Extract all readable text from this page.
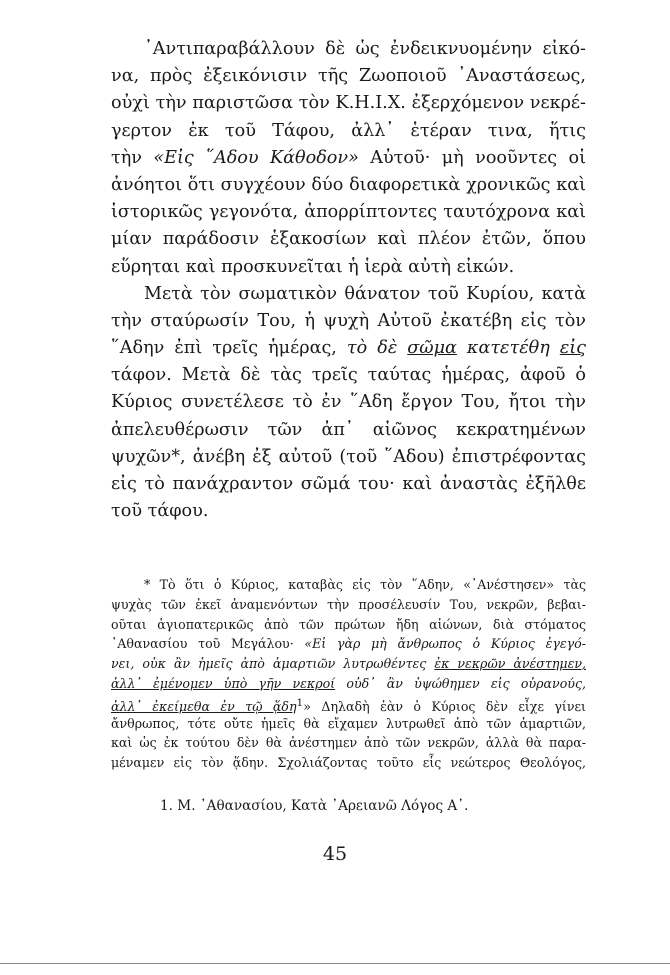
᾽Αντιπαραβάλλουν δὲ ὡς ἐνδεικνυομένην εἰκό-
να, πρὸς ἐξεικόνισιν τῆς Ζωοποιοῦ ᾽Αναστάσεως,
οὐχὶ τὴν παριστῶσα τὸν Κ.Η.Ι.Χ. ἐξερχόμενον νεκρέ-
γερτον ἐκ τοῦ Τάφου, ἀλλ᾽ ἑτέραν τινα, ἥτις
τὴν «Εἰς ῞Αδου Κάθοδον» Αὐτοῦ· μὴ νοοῦντες οἱ
ἀνόητοι ὅτι συγχέουν δύο διαφορετικὰ χρονικῶς καὶ
ἱστορικῶς γεγονότα, ἀπορρίπτοντες ταυτόχρονα καὶ
μίαν παράδοσιν ἑξακοσίων καὶ πλέον ἐτῶν, ὅπου
εὕρηται καὶ προσκυνεῖται ἡ ἱερὰ αὐτὴ εἰκών.
Μετὰ τὸν σωματικὸν θάνατον τοῦ Κυρίου, κατὰ
τὴν σταύρωσίν Του, ἡ ψυχὴ Αὐτοῦ ἐκατέβη εἰς τὸν
῞Αδην ἐπὶ τρεῖς ἡμέρας, τὸ δὲ σῶμα κατετέθη εἰς
τάφον. Μετὰ δὲ τὰς τρεῖς ταύτας ἡμέρας, ἀφοῦ ὁ
Κύριος συνετέλεσε τὸ ἐν ῞Αδη ἔργον Του, ἤτοι τὴν
ἀπελευθέρωσιν τῶν ἀπ᾽ αἰῶνος κεκρατημένων
ψυχῶν*, ἀνέβη ἐξ αὐτοῦ (τοῦ ῞Αδου) ἐπιστρέφοντας
εἰς τὸ πανάχραντον σῶμά του· καὶ ἀναστὰς ἐξῆλθε
τοῦ τάφου.
* Τὸ ὅτι ὁ Κύριος, καταβὰς εἰς τὸν ῞Αδην, «᾽Ανέστησεν» τὰς
ψυχὰς τῶν ἐκεῖ ἀναμενόντων τὴν προσέλευσίν Του, νεκρῶν, βεβαι-
οῦται ἁγιοπατερικῶς ἀπὸ τῶν πρώτων ἤδη αἰώνων, διὰ στόματος
᾽Αθανασίου τοῦ Μεγάλου· «Εἰ γὰρ μὴ ἄνθρωπος ὁ Κύριος ἐγεγό-
νει, οὐκ ἂν ἡμεῖς ἀπὸ ἁμαρτιῶν λυτρωθέντες ἐκ νεκρῶν ἀνέστημεν,
ἀλλ᾽ ἐμένομεν ὑπὸ γῆν νεκροί οὐδ᾽ ἂν ὑψώθημεν εἰς οὐρανούς,
ἀλλ᾽ ἐκείμεθα ἐν τῷ ᾅδη$^1$» Δηλαδὴ ἐὰν ὁ Κύριος δὲν εἶχε γίνει
ἄνθρωπος, τότε οὔτε ἡμεῖς θὰ εἴχαμεν λυτρωθεῖ ἀπὸ τῶν ἁμαρτιῶν,
καὶ ὡς ἐκ τούτου δὲν θὰ ἀνέστημεν ἀπὸ τῶν νεκρῶν, ἀλλὰ θὰ παρα-
μέναμεν εἰς τὸν ᾅδην. Σχολιάζοντας τοῦτο εἷς νεώτερος Θεολόγος,
1. Μ. ᾽Αθανασίου, Κατὰ ᾽Αρειανῶ Λόγος Α᾽.
45
